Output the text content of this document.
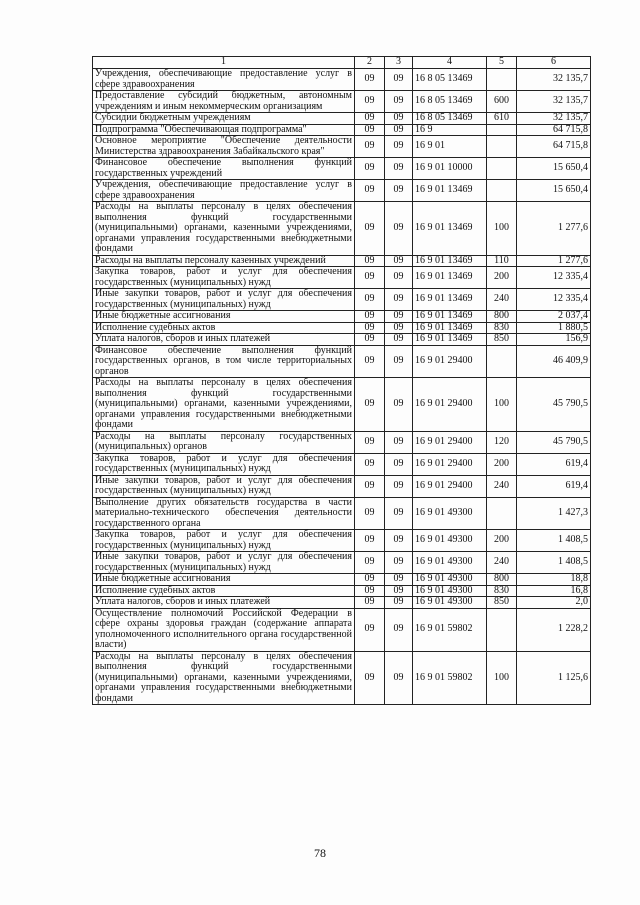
1	2	3	4	5	6
Учреждения, обеспечивающие предоставление услуг в сфере здравоохранения	09	09	16 8 05 13469		32 135,7
Предоставление субсидий бюджетным, автономным учреждениям и иным некоммерческим организациям	09	09	16 8 05 13469	600	32 135,7
Субсидии бюджетным учреждениям	09	09	16 8 05 13469	610	32 135,7
Подпрограмма "Обеспечивающая подпрограмма"	09	09	16 9		64 715,8
Основное мероприятие "Обеспечение деятельности Министерства здравоохранения Забайкальского края"	09	09	16 9 01		64 715,8
Финансовое обеспечение выполнения функций государственных учреждений	09	09	16 9 01 10000		15 650,4
Учреждения, обеспечивающие предоставление услуг в сфере здравоохранения	09	09	16 9 01 13469		15 650,4
Расходы на выплаты персоналу в целях обеспечения выполнения функций государственными (муниципальными) органами, казенными учреждениями, органами управления государственными внебюджетными фондами	09	09	16 9 01 13469	100	1 277,6
Расходы на выплаты персоналу казенных учреждений	09	09	16 9 01 13469	110	1 277,6
Закупка товаров, работ и услуг для обеспечения государственных (муниципальных) нужд	09	09	16 9 01 13469	200	12 335,4
Иные закупки товаров, работ и услуг для обеспечения государственных (муниципальных) нужд	09	09	16 9 01 13469	240	12 335,4
Иные бюджетные ассигнования	09	09	16 9 01 13469	800	2 037,4
Исполнение судебных актов	09	09	16 9 01 13469	830	1 880,5
Уплата налогов, сборов и иных платежей	09	09	16 9 01 13469	850	156,9
Финансовое обеспечение выполнения функций государственных органов, в том числе территориальных органов	09	09	16 9 01 29400		46 409,9
Расходы на выплаты персоналу в целях обеспечения выполнения функций государственными (муниципальными) органами, казенными учреждениями, органами управления государственными внебюджетными фондами	09	09	16 9 01 29400	100	45 790,5
Расходы на выплаты персоналу государственных (муниципальных) органов	09	09	16 9 01 29400	120	45 790,5
Закупка товаров, работ и услуг для обеспечения государственных (муниципальных) нужд	09	09	16 9 01 29400	200	619,4
Иные закупки товаров, работ и услуг для обеспечения государственных (муниципальных) нужд	09	09	16 9 01 29400	240	619,4
Выполнение других обязательств государства в части материально-технического обеспечения деятельности государственного органа	09	09	16 9 01 49300		1 427,3
Закупка товаров, работ и услуг для обеспечения государственных (муниципальных) нужд	09	09	16 9 01 49300	200	1 408,5
Иные закупки товаров, работ и услуг для обеспечения государственных (муниципальных) нужд	09	09	16 9 01 49300	240	1 408,5
Иные бюджетные ассигнования	09	09	16 9 01 49300	800	18,8
Исполнение судебных актов	09	09	16 9 01 49300	830	16,8
Уплата налогов, сборов и иных платежей	09	09	16 9 01 49300	850	2,0
Осуществление полномочий Российской Федерации в сфере охраны здоровья граждан (содержание аппарата уполномоченного исполнительного органа государственной власти)	09	09	16 9 01 59802		1 228,2
Расходы на выплаты персоналу в целях обеспечения выполнения функций государственными (муниципальными) органами, казенными учреждениями, органами управления государственными внебюджетными фондами	09	09	16 9 01 59802	100	1 125,6
78
